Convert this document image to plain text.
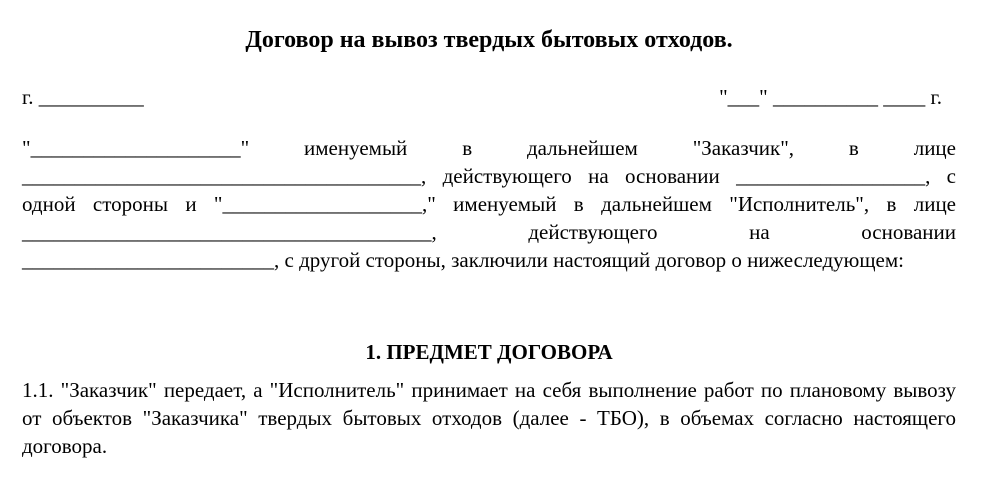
Договор на вывоз твердых бытовых отходов.
г. __________	"___" __________ ____ г.

"____________________" именуемый в дальнейшем "Заказчик", в лице ______________________________________, действующего на основании __________________, с одной стороны и "___________________," именуемый в дальнейшем "Исполнитель", в лице _______________________________________, действующего на основании ________________________, с другой стороны, заключили настоящий договор о нижеследующем:

1. ПРЕДМЕТ ДОГОВОРА

1.1. "Заказчик" передает, а "Исполнитель" принимает на себя выполнение работ по плановому вывозу от объектов "Заказчика" твердых бытовых отходов (далее - ТБО), в объемах согласно настоящего договора.
